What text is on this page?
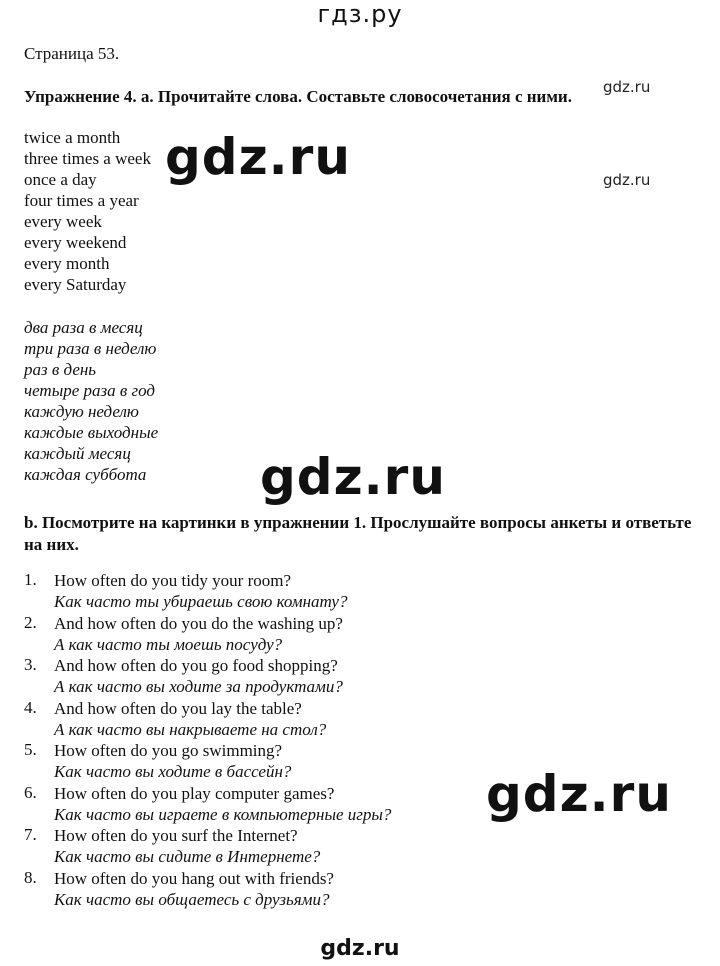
гдз.ру
Страница 53.
Упражнение 4. а. Прочитайте слова. Составьте словосочетания с ними. gdz.ru
gdz.ru
twice a month
three times a week
once a day
four times a year
every week
every weekend
every month
every Saturday
gdz.ru
два раза в месяц
три раза в неделю
раз в день
четыре раза в год
каждую неделю
каждые выходные
каждый месяц
каждая суббота gdz.ru
b. Посмотрите на картинки в упражнении 1. Прослушайте вопросы анкеты и ответьте на них.
1. How often do you tidy your room?
Как часто ты убираешь свою комнату?
2. And how often do you do the washing up?
А как часто ты моешь посуду?
3. And how often do you go food shopping?
А как часто вы ходите за продуктами?
4. And how often do you lay the table?
А как часто вы накрываете на стол?
5. How often do you go swimming?
Как часто вы ходите в бассейн?
6. How often do you play computer games?
Как часто вы играете в компьютерные игры?
7. How often do you surf the Internet?
Как часто вы сидите в Интернете?
8. How often do you hang out with friends?
Как часто вы общаетесь с друзьями?
gdz.ru
gdz.ru
